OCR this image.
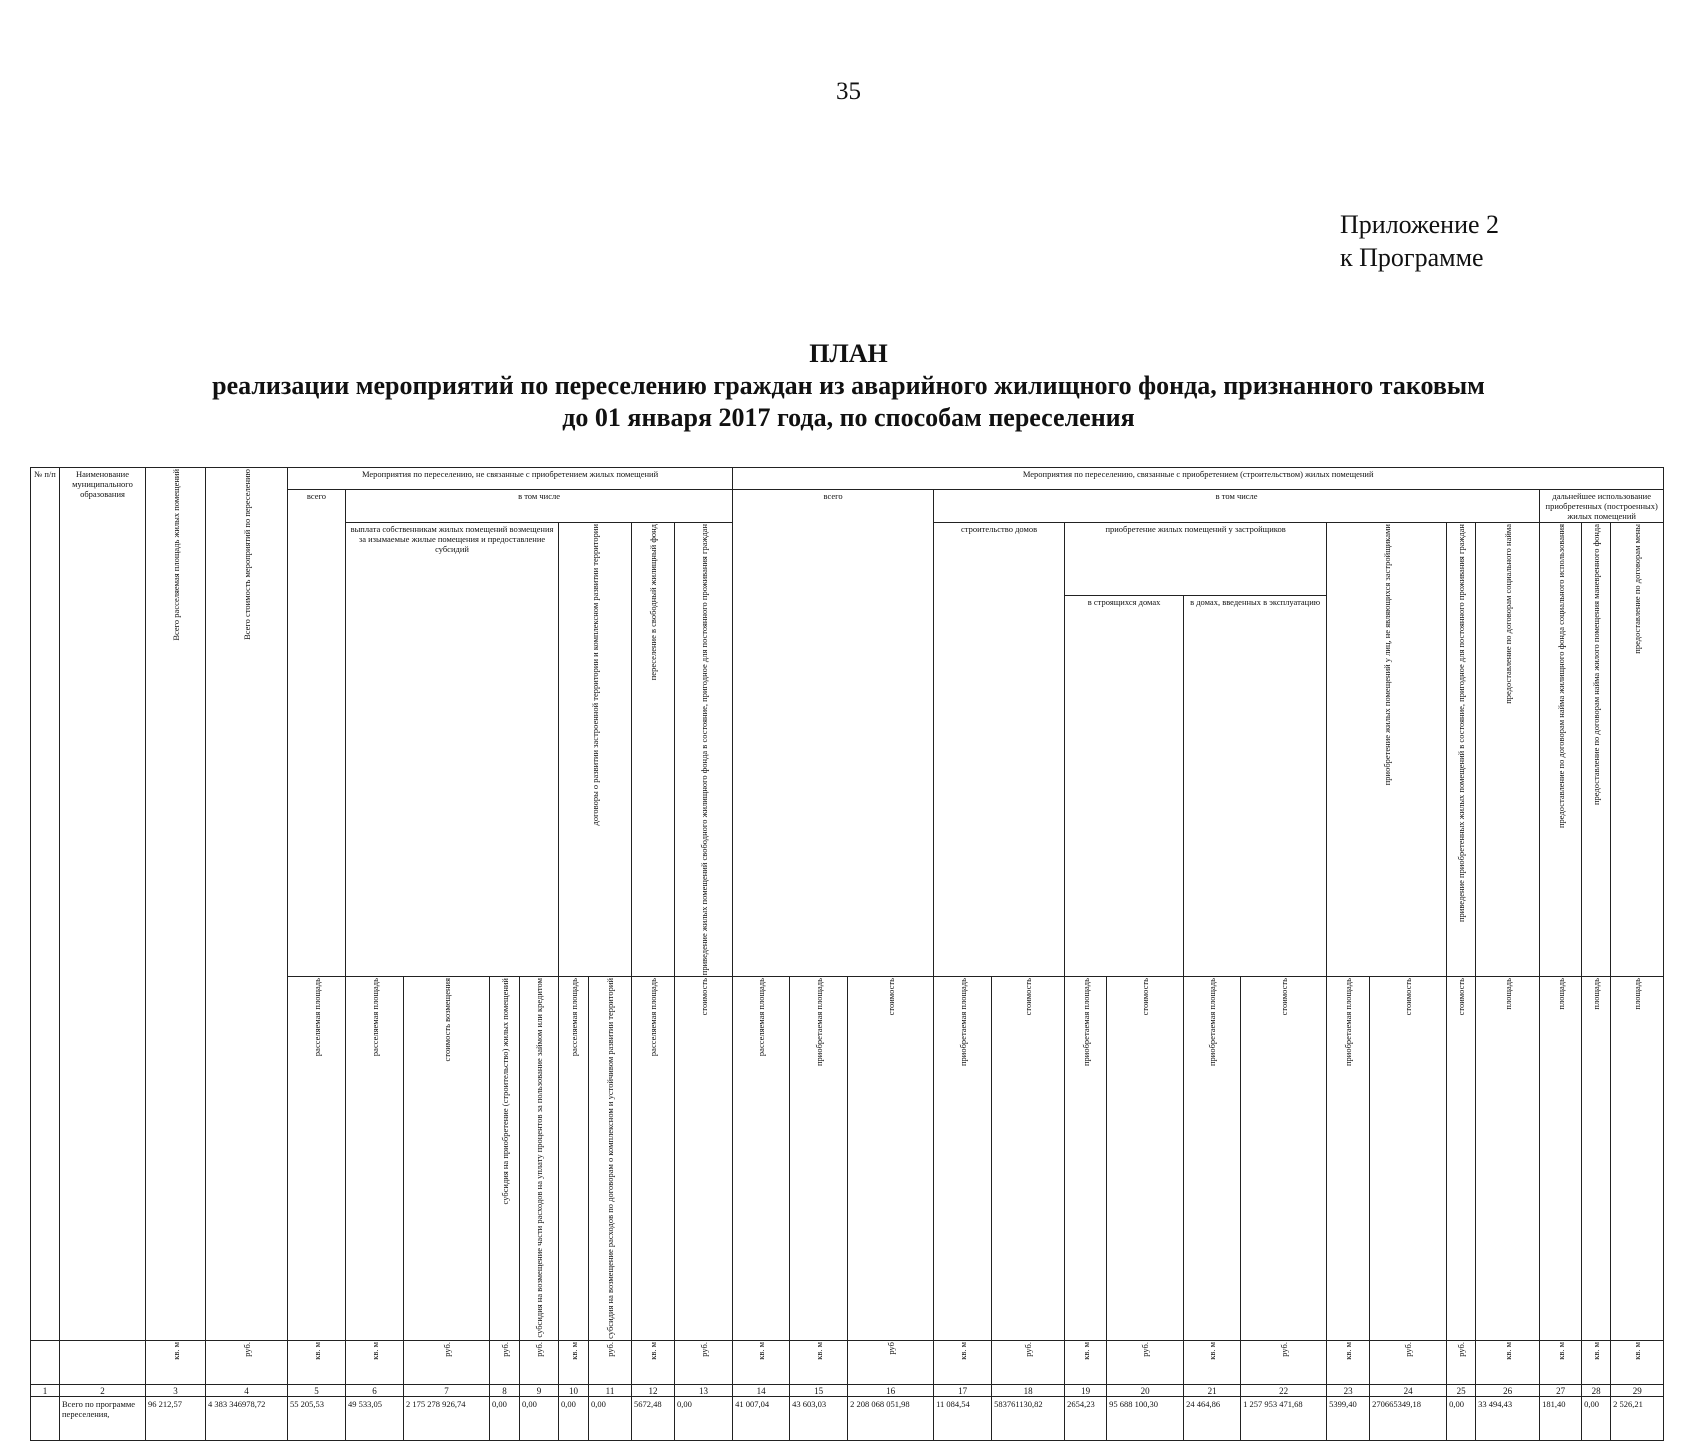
35
Приложение 2
к Программе
ПЛАН
реализации мероприятий по переселению граждан из аварийного жилищного фонда, признанного таковым
до 01 января 2017 года, по способам переселения
№ п/п	Наименование муниципального образования	Всего расселяемая площадь жилых помещений	Всего стоимость мероприятий по переселению	Мероприятия по переселению, не связанные с приобретением жилых помещений									Мероприятия по переселению, связанные с приобретением (строительством) жилых помещений															
				всего	в том числе								всего			в том числе										дальнейшее использование приобретенных (построенных) жилых помещений		
					выплата собственникам жилых помещений возмещения за изымаемые жилые помещения и предоставление субсидий				договоры о развитии застроенной территории и комплексном развитии территории		переселение в свободный жилищный фонд	приведение жилых помещений свободного жилищного фонда в состояние, пригодное для постоянного проживания граждан				строительство домов		приобретение жилых помещений у застройщиков				приобретение жилых помещений у лиц, не являющихся застройщиками		приведение приобретенных жилых помещений в состояние, пригодное для постоянного проживания граждан	предоставление по договорам социального найма	предоставление по договорам найма жилищного фонда социального использования	предоставление по договорам найма жилого помещения маневренного фонда	предоставление по договорам мены

																		в строящихся домах		в домах, введенных в эксплуатацию								

				расселяемая площадь	расселяемая площадь	стоимость возмещения	субсидия на приобретение (строительство) жилых помещений	субсидия на возмещение части расходов на уплату процентов за пользование займом или кредитом	расселяемая площадь	субсидия на возмещение расходов по договорам о комплексном и устойчивом развитии территорий	расселяемая площадь	стоимость	расселяемая площадь	приобретаемая площадь	стоимость	приобретаемая площадь	стоимость	приобретаемая площадь	стоимость	приобретаемая площадь	стоимость	приобретаемая площадь	стоимость	стоимость	площадь	площадь	площадь	площадь

		кв. м	руб.	кв. м	кв. м	руб.	руб.	руб.	кв. м	руб.	кв. м	руб.	кв. м	кв. м	руб	кв. м	руб.	кв. м	руб.	кв. м	руб.	кв. м	руб.	руб.	кв. м	кв. м	кв. м	кв. м

1	2	3	4	5	6	7	8	9	10	11	12	13	14	15	16	17	18	19	20	21	22	23	24	25	26	27	28	29
	Всего по программе переселения,	96 212,57	4 383 346978,72	55 205,53	49 533,05	2 175 278 926,74	0,00	0,00	0,00	0,00	5672,48	0,00	41 007,04	43 603,03	2 208 068 051,98	11 084,54	583761130,82	2654,23	95 688 100,30	24 464,86	1 257 953 471,68	5399,40	270665349,18	0,00	33 494,43	181,40	0,00	2 526,21
